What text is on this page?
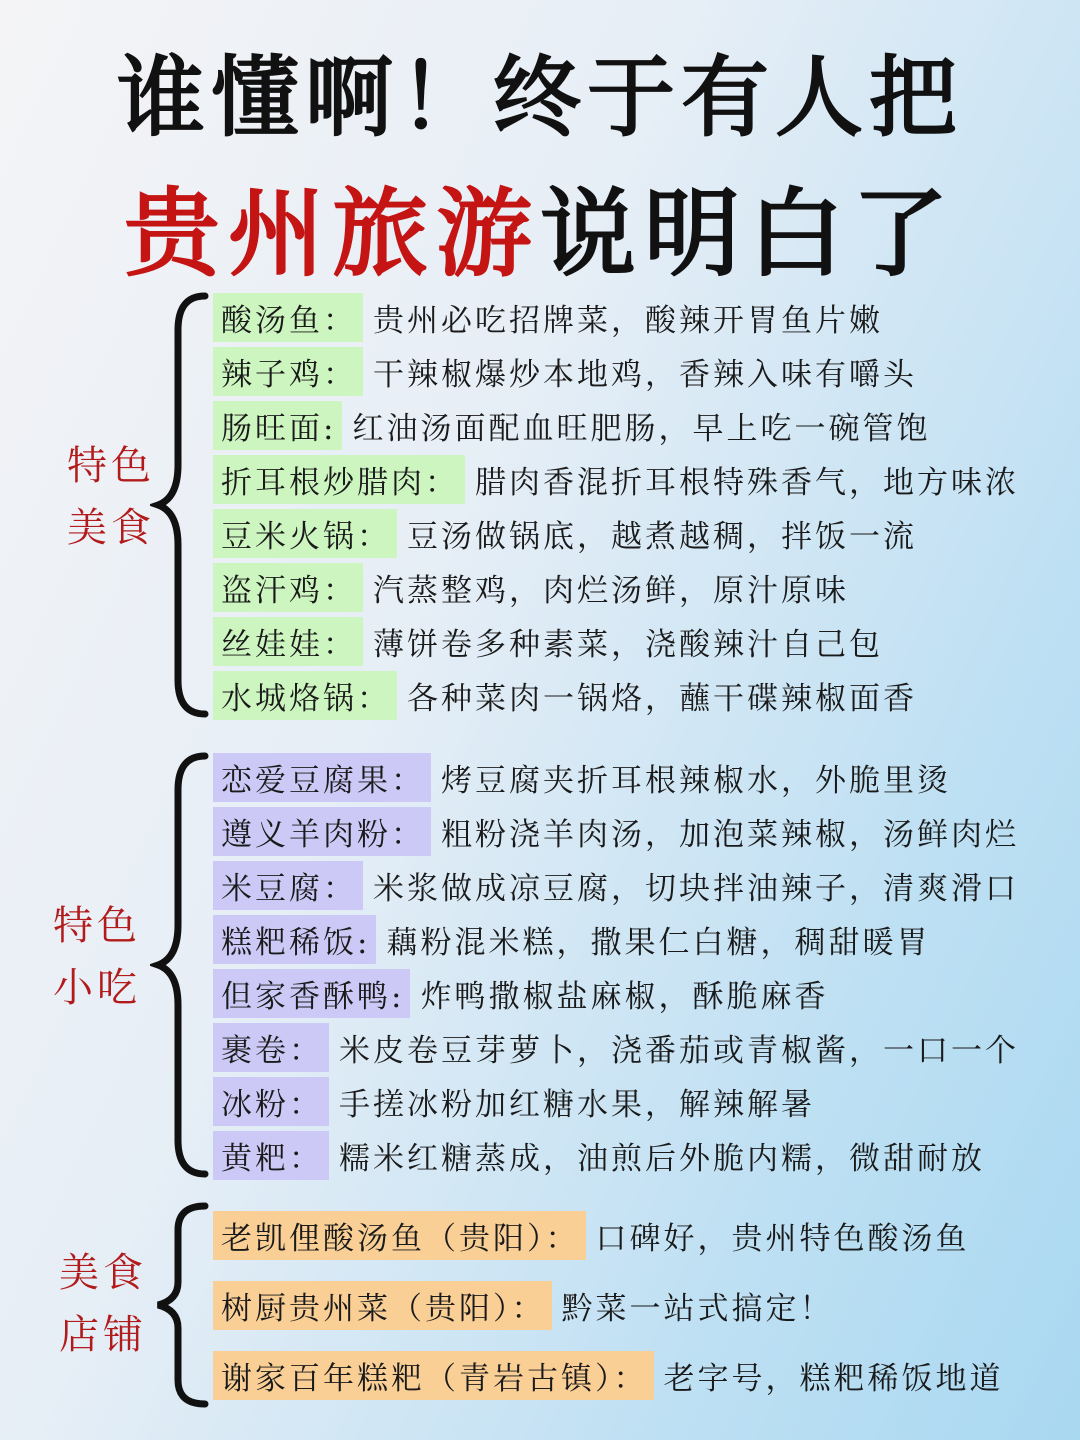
谁懂啊！终于有人把
贵州旅游说明白了
特色
美食
酸汤鱼： 贵州必吃招牌菜，酸辣开胃鱼片嫩
辣子鸡： 干辣椒爆炒本地鸡，香辣入味有嚼头
肠旺面: 红油汤面配血旺肥肠，早上吃一碗管饱
折耳根炒腊肉： 腊肉香混折耳根特殊香气，地方味浓
豆米火锅： 豆汤做锅底，越煮越稠，拌饭一流
盗汗鸡： 汽蒸整鸡，肉烂汤鲜，原汁原味
丝娃娃： 薄饼卷多种素菜，浇酸辣汁自己包
水城烙锅： 各种菜肉一锅烙，蘸干碟辣椒面香
特色
小吃
恋爱豆腐果： 烤豆腐夹折耳根辣椒水，外脆里烫
遵义羊肉粉： 粗粉浇羊肉汤，加泡菜辣椒，汤鲜肉烂
米豆腐： 米浆做成凉豆腐，切块拌油辣子，清爽滑口
糕粑稀饭: 藕粉混米糕，撒果仁白糖，稠甜暖胃
但家香酥鸭: 炸鸭撒椒盐麻椒，酥脆麻香
裹卷： 米皮卷豆芽萝卜，浇番茄或青椒酱，一口一个
冰粉： 手搓冰粉加红糖水果，解辣解暑
黄粑： 糯米红糖蒸成，油煎后外脆内糯，微甜耐放
美食
店铺
老凯俚酸汤鱼（贵阳）： 口碑好，贵州特色酸汤鱼
树厨贵州菜（贵阳）： 黔菜一站式搞定！
谢家百年糕粑（青岩古镇）： 老字号，糕粑稀饭地道
